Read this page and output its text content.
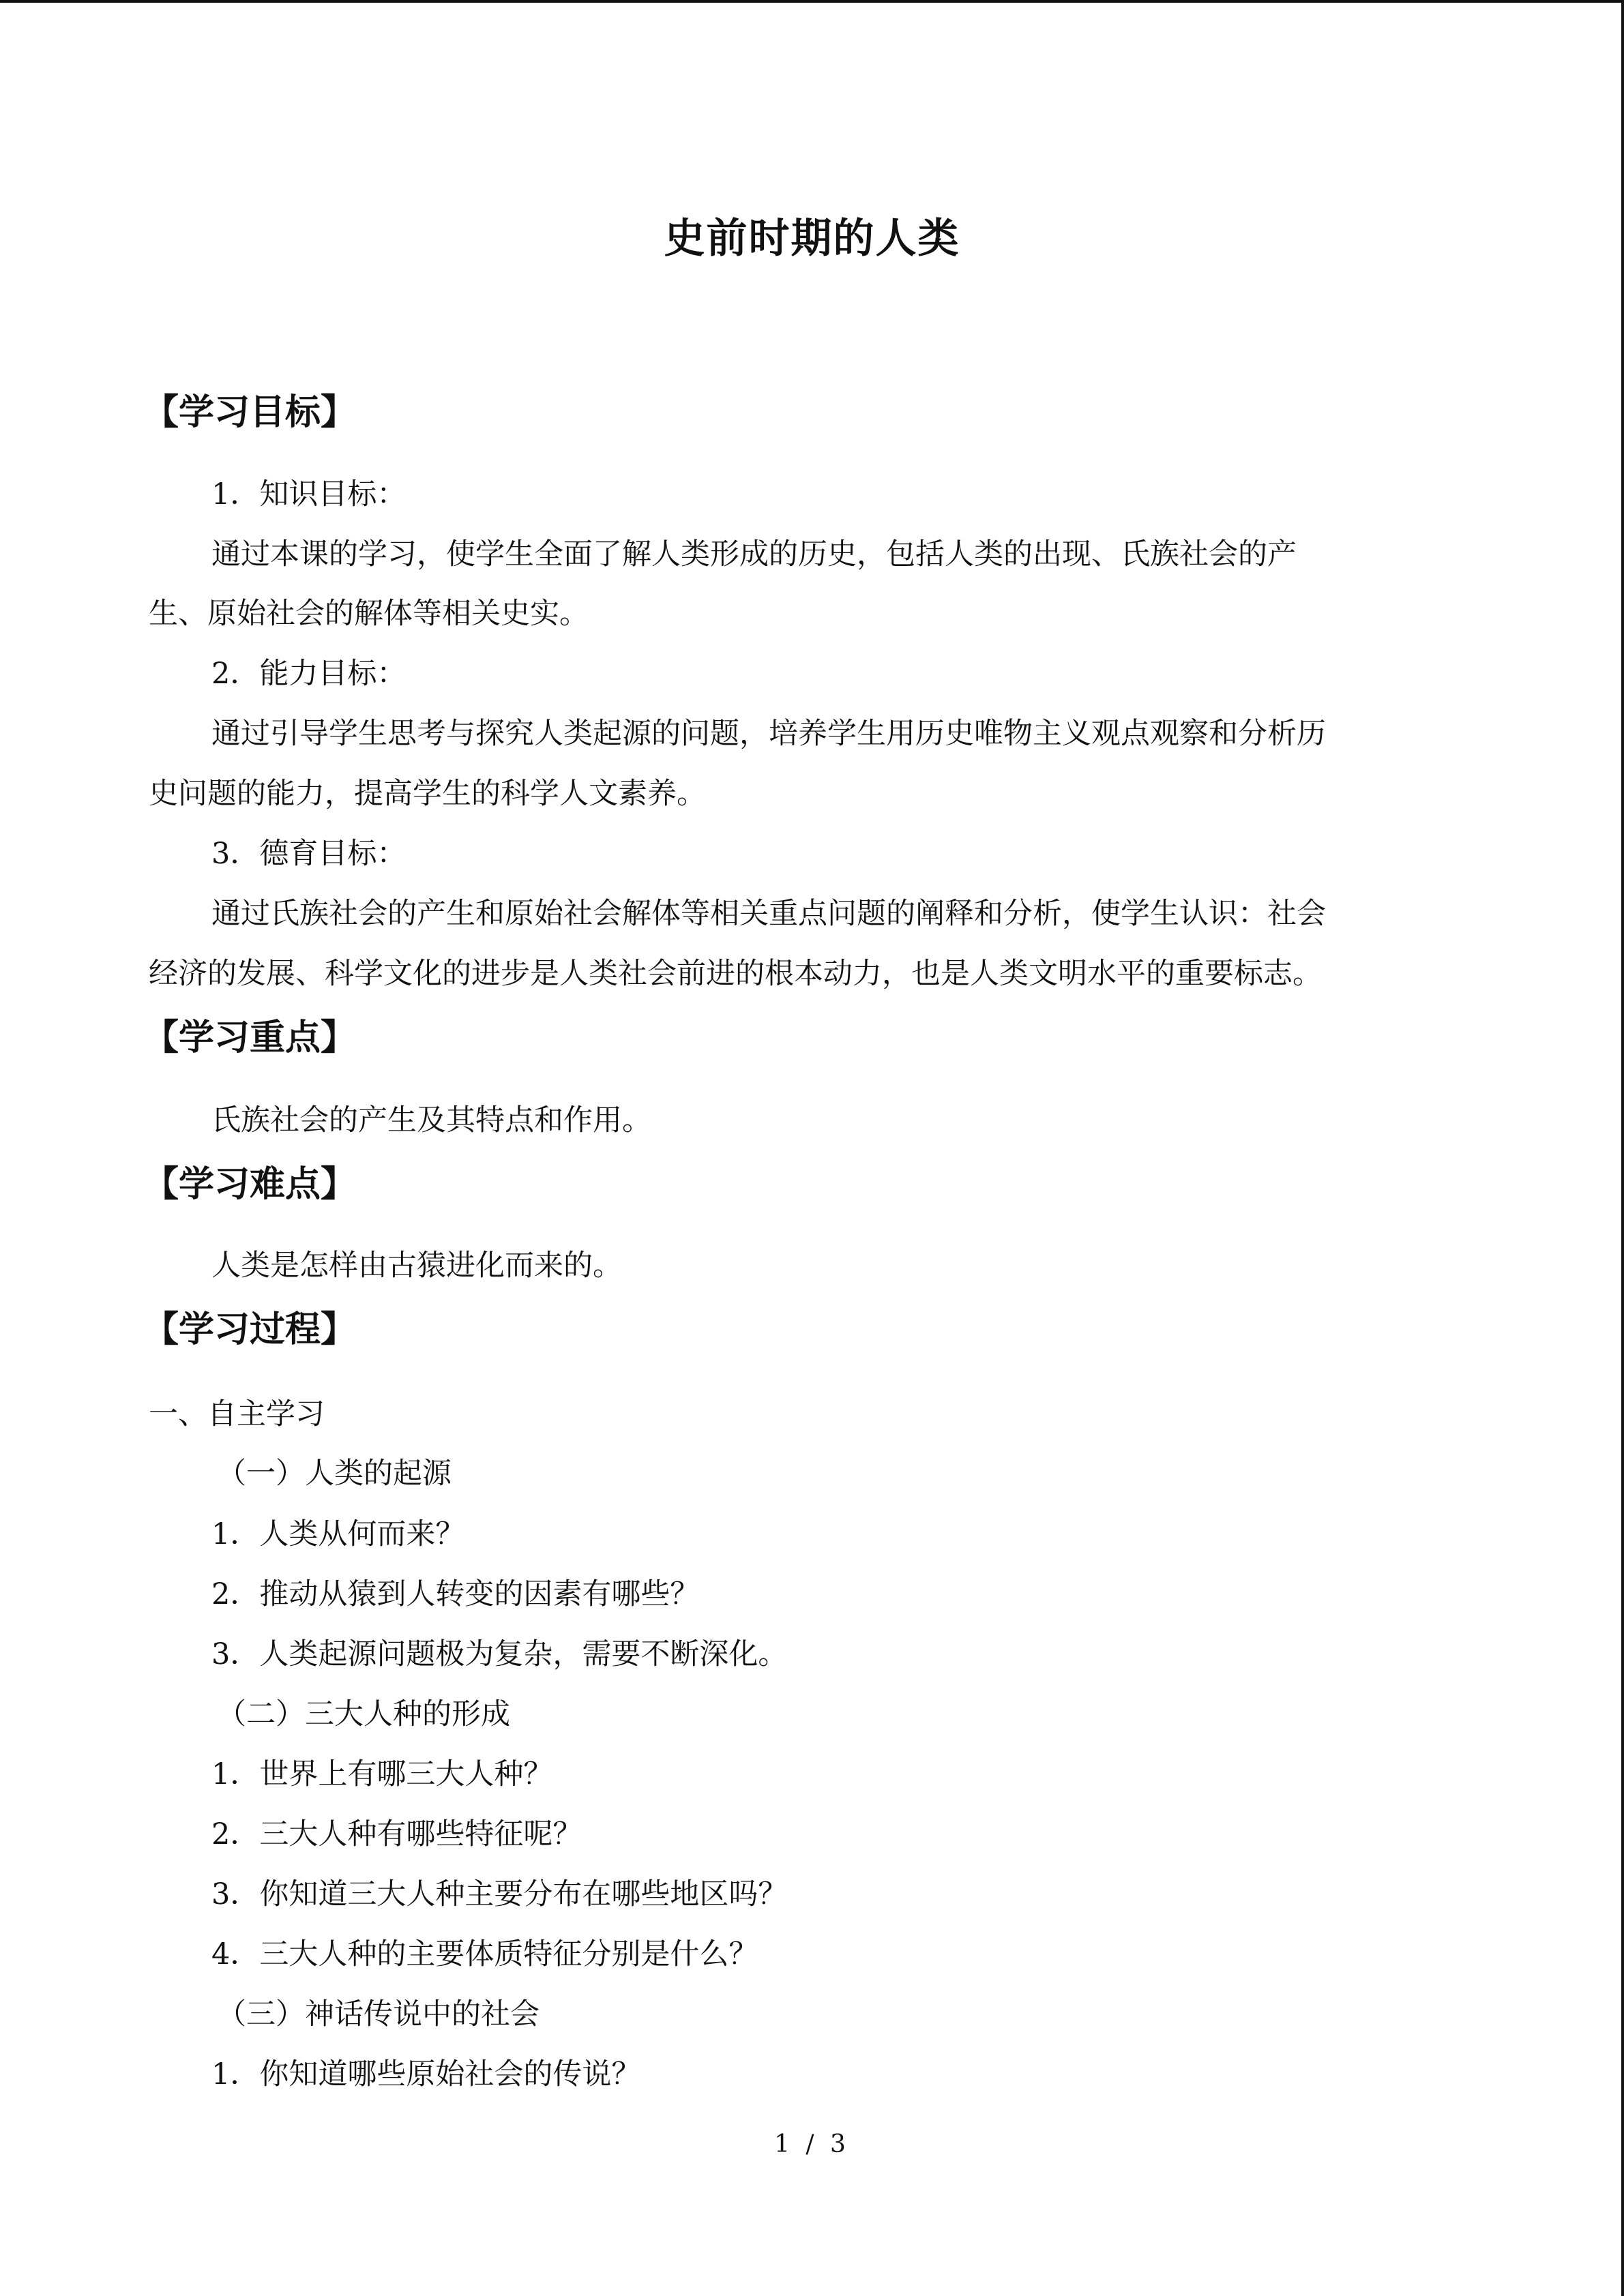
史前时期的人类
【学习目标】
1．知识目标：
通过本课的学习，使学生全面了解人类形成的历史，包括人类的出现、氏族社会的产
生、原始社会的解体等相关史实。
2．能力目标：
通过引导学生思考与探究人类起源的问题，培养学生用历史唯物主义观点观察和分析历
史问题的能力，提高学生的科学人文素养。
3．德育目标：
通过氏族社会的产生和原始社会解体等相关重点问题的阐释和分析，使学生认识：社会
经济的发展、科学文化的进步是人类社会前进的根本动力，也是人类文明水平的重要标志。
【学习重点】
氏族社会的产生及其特点和作用。
【学习难点】
人类是怎样由古猿进化而来的。
【学习过程】
一、自主学习
（一）人类的起源
1．人类从何而来？
2．推动从猿到人转变的因素有哪些？
3．人类起源问题极为复杂，需要不断深化。
（二）三大人种的形成
1．世界上有哪三大人种？
2．三大人种有哪些特征呢？
3．你知道三大人种主要分布在哪些地区吗？
4．三大人种的主要体质特征分别是什么？
（三）神话传说中的社会
1．你知道哪些原始社会的传说？
1 / 3
